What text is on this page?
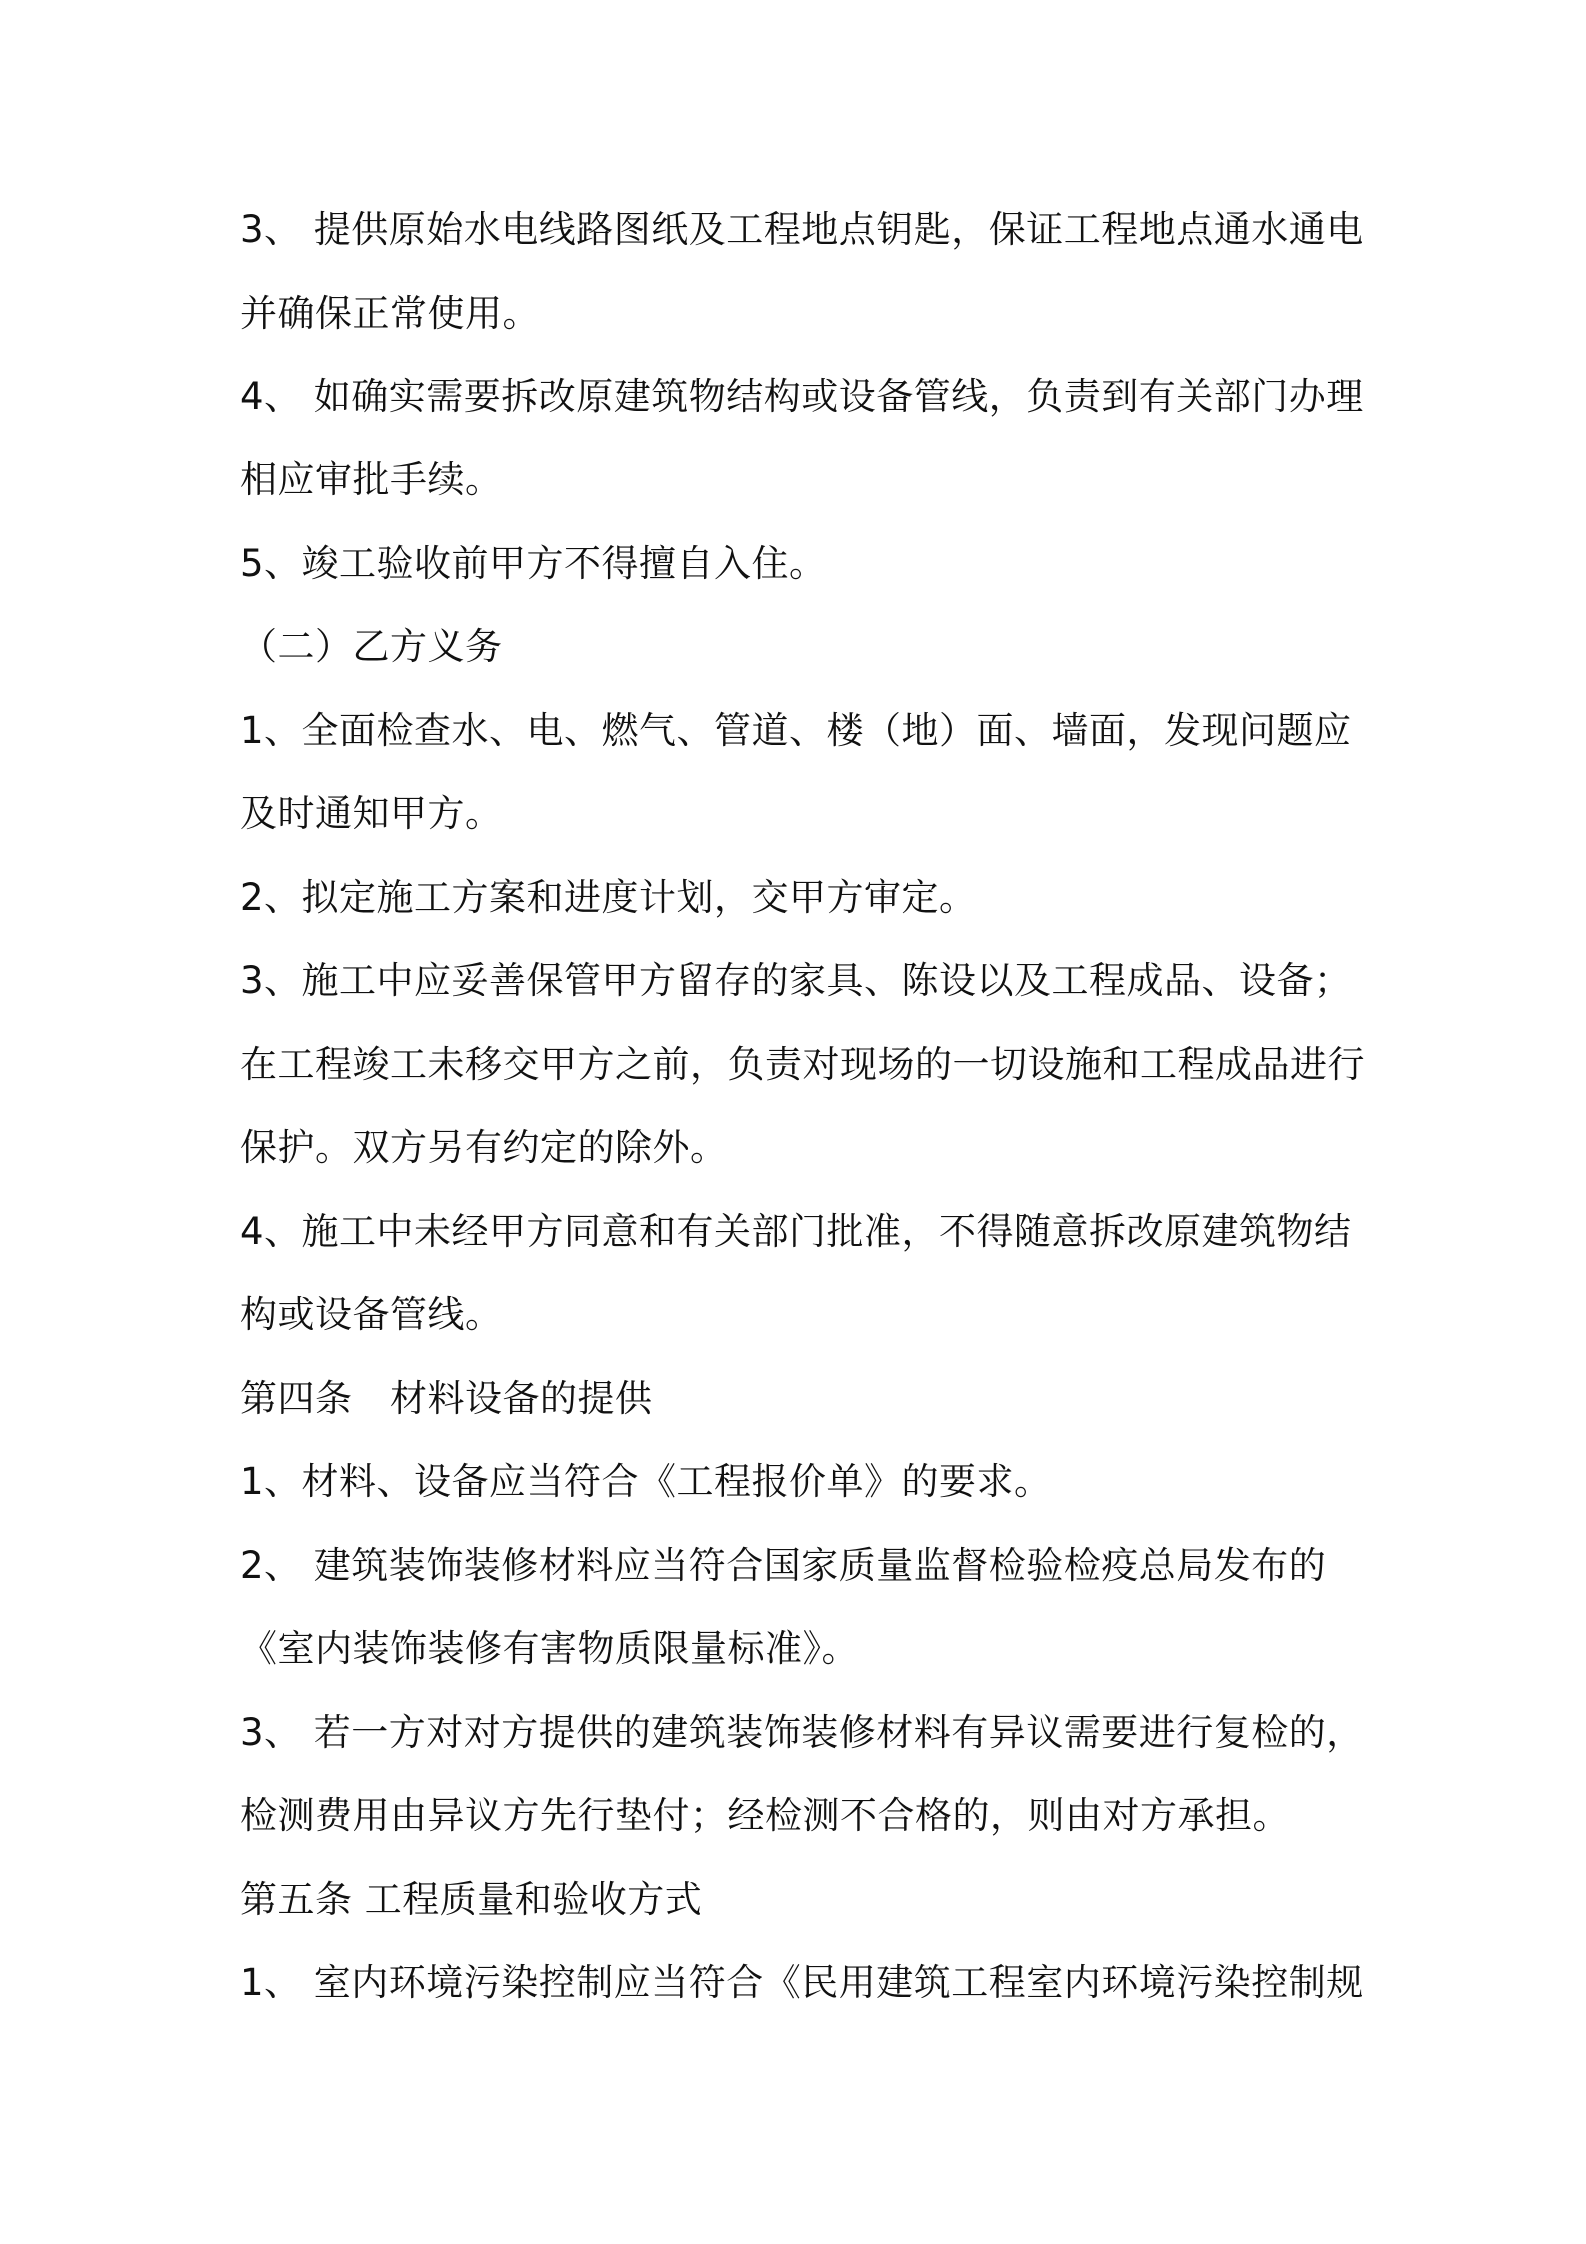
3、 提供原始水电线路图纸及工程地点钥匙，保证工程地点通水通电
并确保正常使用。
4、 如确实需要拆改原建筑物结构或设备管线，负责到有关部门办理
相应审批手续。
5、竣工验收前甲方不得擅自入住。
（二）乙方义务
1、全面检查水、电、燃气、管道、楼（地）面、墙面，发现问题应
及时通知甲方。
2、拟定施工方案和进度计划，交甲方审定。
3、施工中应妥善保管甲方留存的家具、陈设以及工程成品、设备；
在工程竣工未移交甲方之前，负责对现场的一切设施和工程成品进行
保护。双方另有约定的除外。
4、施工中未经甲方同意和有关部门批准，不得随意拆改原建筑物结
构或设备管线。
第四条　材料设备的提供
1、材料、设备应当符合《工程报价单》的要求。
2、 建筑装饰装修材料应当符合国家质量监督检验检疫总局发布的
《室内装饰装修有害物质限量标准》。
3、 若一方对对方提供的建筑装饰装修材料有异议需要进行复检的，
检测费用由异议方先行垫付；经检测不合格的，则由对方承担。
第五条 工程质量和验收方式
1、 室内环境污染控制应当符合《民用建筑工程室内环境污染控制规
